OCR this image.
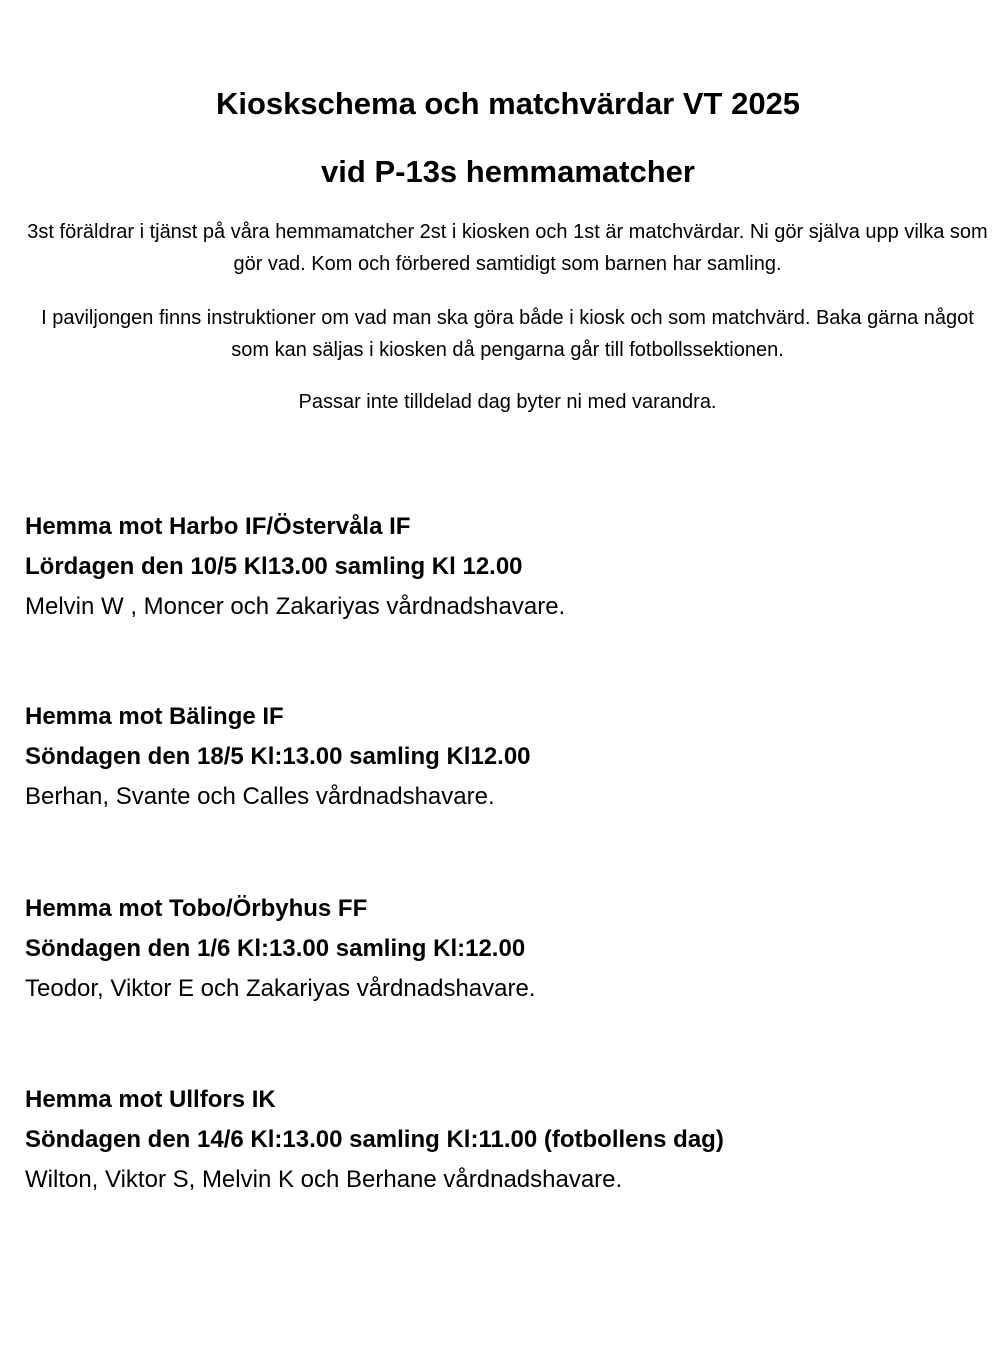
Kioskschema och matchvärdar VT 2025
vid P-13s hemmamatcher

3st föräldrar i tjänst på våra hemmamatcher 2st i kiosken och 1st är matchvärdar. Ni gör själva upp vilka som gör vad. Kom och förbered samtidigt som barnen har samling.

I paviljongen finns instruktioner om vad man ska göra både i kiosk och som matchvärd. Baka gärna något som kan säljas i kiosken då pengarna går till fotbollssektionen.

Passar inte tilldelad dag byter ni med varandra.

Hemma mot Harbo IF/Östervåla IF

Lördagen den 10/5 Kl13.00 samling Kl 12.00

Melvin W , Moncer och Zakariyas vårdnadshavare.

Hemma mot Bälinge IF

Söndagen den 18/5 Kl:13.00 samling Kl12.00

Berhan, Svante och Calles vårdnadshavare.

Hemma mot Tobo/Örbyhus FF

Söndagen den 1/6 Kl:13.00 samling Kl:12.00

Teodor, Viktor E och Zakariyas vårdnadshavare.

Hemma mot Ullfors IK

Söndagen den 14/6 Kl:13.00 samling Kl:11.00 (fotbollens dag)

Wilton, Viktor S, Melvin K och Berhane vårdnadshavare.
